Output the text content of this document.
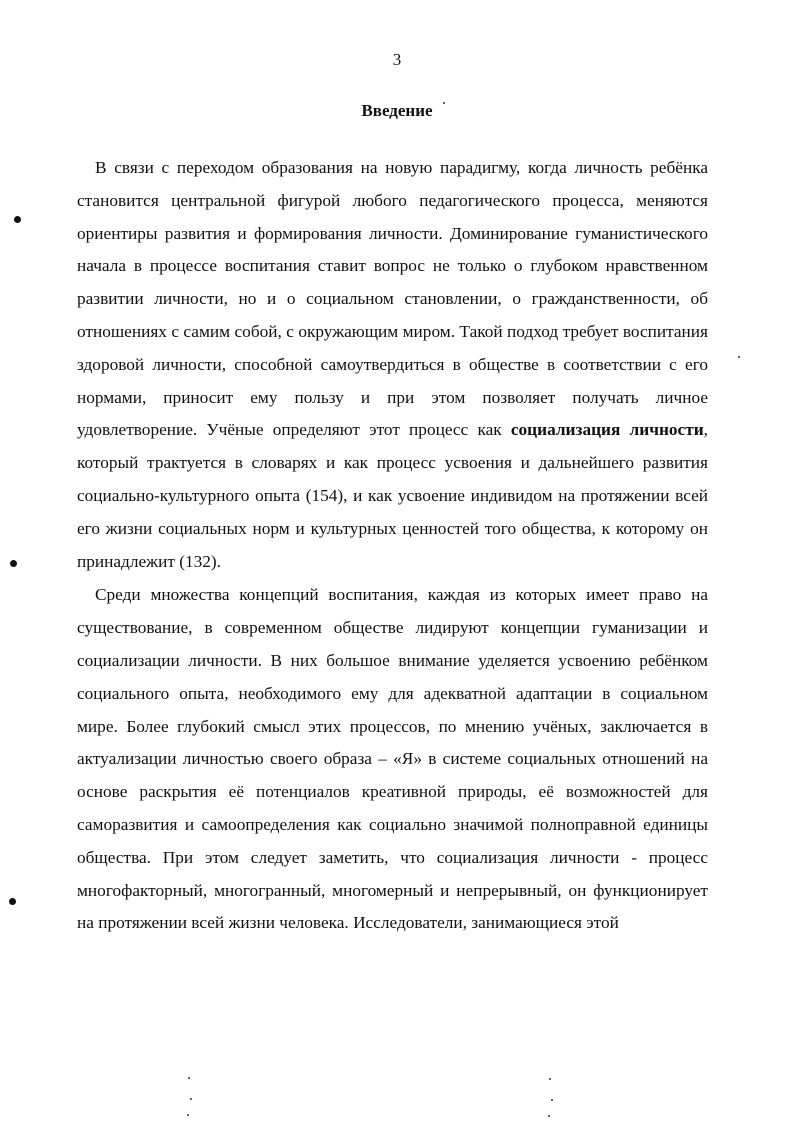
3
Введение

В связи с переходом образования на новую парадигму, когда личность ребёнка становится центральной фигурой любого педагогического процесса, меняются ориентиры развития и формирования личности. Доминирование гуманистического начала в процессе воспитания ставит вопрос не только о глубоком нравственном развитии личности, но и о социальном становлении, о гражданственности, об отношениях с самим собой, с окружающим миром. Такой подход требует воспитания здоровой личности, способной самоутвердиться в обществе в соответствии с его нормами, приносит ему пользу и при этом позволяет получать личное удовлетворение. Учёные определяют этот процесс как социализация личности, который трактуется в словарях и как процесс усвоения и дальнейшего развития социально-культурного опыта (154), и как усвоение индивидом на протяжении всей его жизни социальных норм и культурных ценностей того общества, к которому он принадлежит (132).

Среди множества концепций воспитания, каждая из которых имеет право на существование, в современном обществе лидируют концепции гуманизации и социализации личности. В них большое внимание уделяется усвоению ребёнком социального опыта, необходимого ему для адекватной адаптации в социальном мире. Более глубокий смысл этих процессов, по мнению учёных, заключается в актуализации личностью своего образа – «Я» в системе социальных отношений на основе раскрытия её потенциалов креативной природы, её возможностей для саморазвития и самоопределения как социально значимой полноправной единицы общества. При этом следует заметить, что социализация личности - процесс многофакторный, многогранный, многомерный и непрерывный, он функционирует на протяжении всей жизни человека. Исследователи, занимающиеся этой
